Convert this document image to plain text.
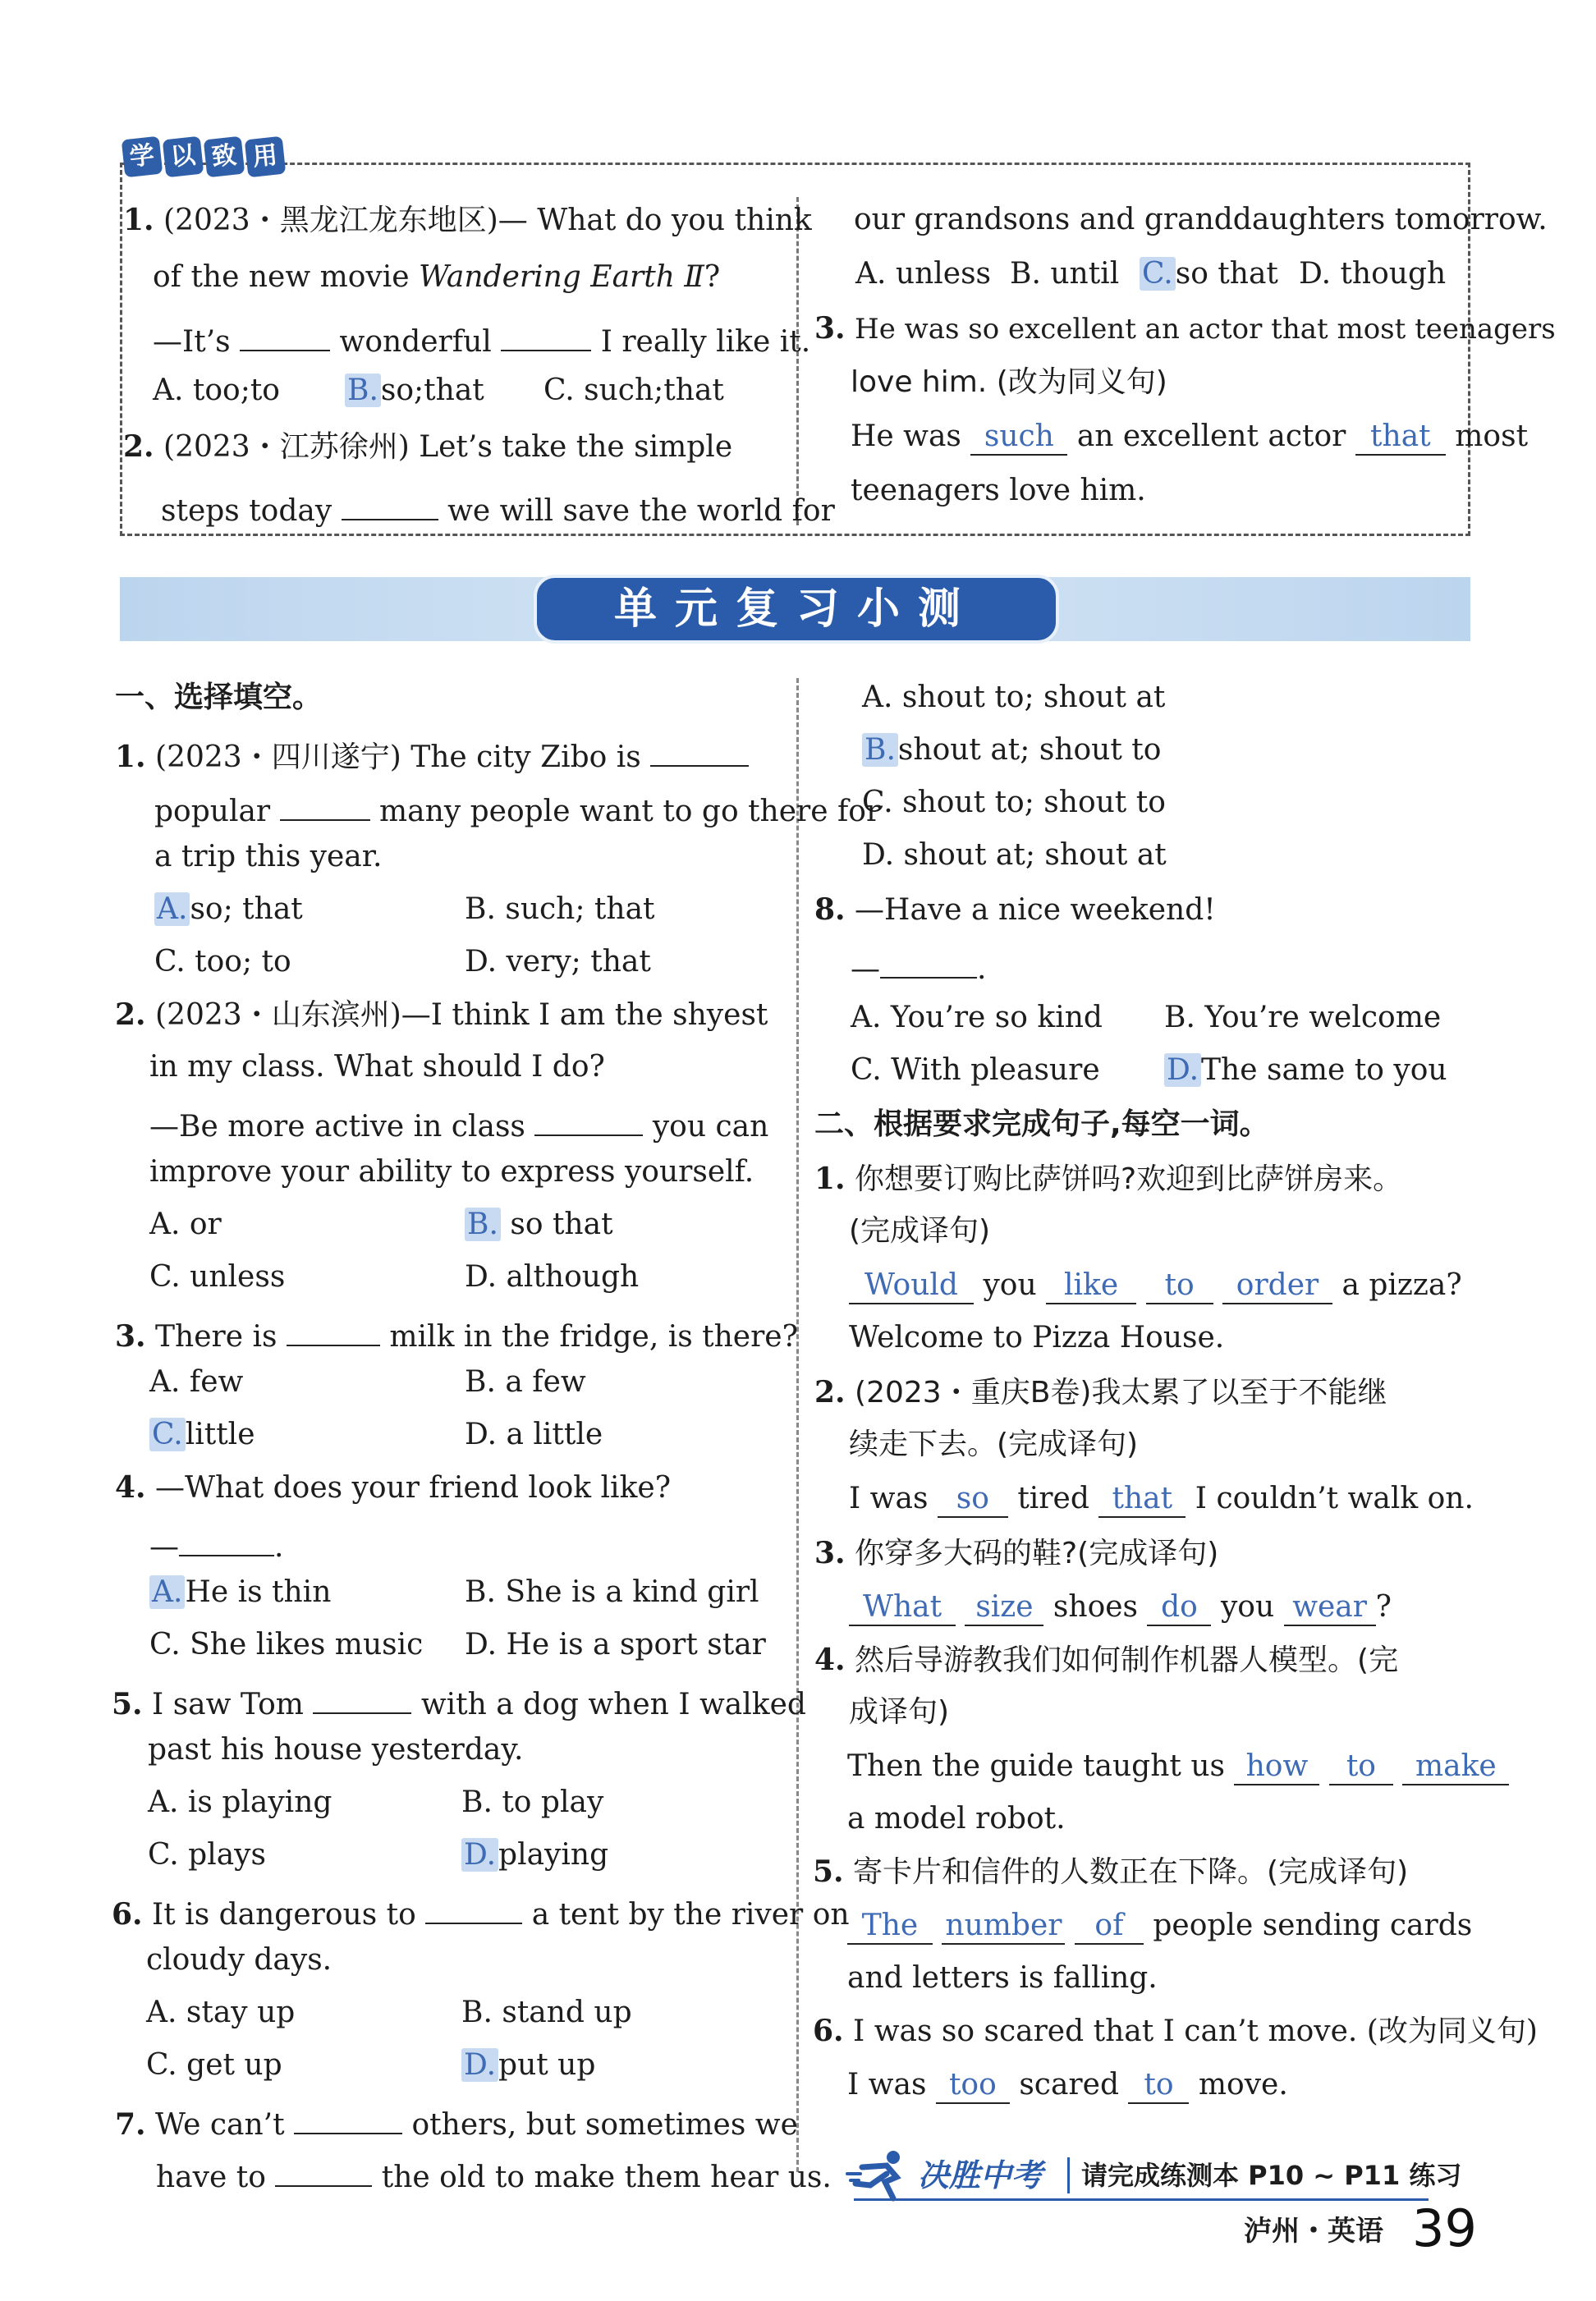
学 以 致 用
1. (2023・黑龙江龙东地区)— What do you think
of the new movie Wandering Earth Ⅱ?
—It’s	wonderful	I really like it.
A. too;to B.so;that C. such;that
2. (2023・江苏徐州) Let’s take the simple
steps today	we will save the world for
our grandsons and granddaughters tomorrow.
A. unless B. until C.so that D. though
3. He was so excellent an actor that most teenagers
love him. (改为同义句)
He was such an excellent actor that most
teenagers love him.
单元复习小测
一、选择填空。
1. (2023・四川遂宁) The city Zibo is
popular	many people want to go there for
a trip this year.
A.so; that	B. such; that
C. too; to	D. very; that
2. (2023・山东滨州)—I think I am the shyest
in my class. What should I do?
—Be more active in class	you can
improve your ability to express yourself.
A. or	B. so that
C. unless	D. although
3. There is	milk in the fridge, is there?
A. few	B. a few
C.little	D. a little
4. —What does your friend look like?
—	.
A.He is thin	B. She is a kind girl
C. She likes music D. He is a sport star
5. I saw Tom	with a dog when I walked
past his house yesterday.
A. is playing	B. to play
C. plays	D.playing
6. It is dangerous to	a tent by the river on
cloudy days.
A. stay up	B. stand up
C. get up	D.put up
7. We can’t	others, but sometimes we
have to	the old to make them hear us.
A. shout to; shout at
B.shout at; shout to
C. shout to; shout to
D. shout at; shout at
8. —Have a nice weekend!
—	.
A. You’re so kind B. You’re welcome
C. With pleasure D.The same to you
二、根据要求完成句子,每空一词。
1. 你想要订购比萨饼吗?欢迎到比萨饼房来。
(完成译句)
Would you like to order a pizza?
Welcome to Pizza House.
2. (2023・重庆B卷)我太累了以至于不能继
续走下去。(完成译句)
I was so tired that I couldn’t walk on.
3. 你穿多大码的鞋?(完成译句)
What size shoes do you wear ?
4. 然后导游教我们如何制作机器人模型。(完
成译句)
Then the guide taught us how to make
a model robot.
5. 寄卡片和信件的人数正在下降。(完成译句)
The number of people sending cards
and letters is falling.
6. I was so scared that I can’t move. (改为同义句)
I was too scared to move.
决胜中考	请完成练测本 P10 ~ P11 练习
泸州・英语 39
